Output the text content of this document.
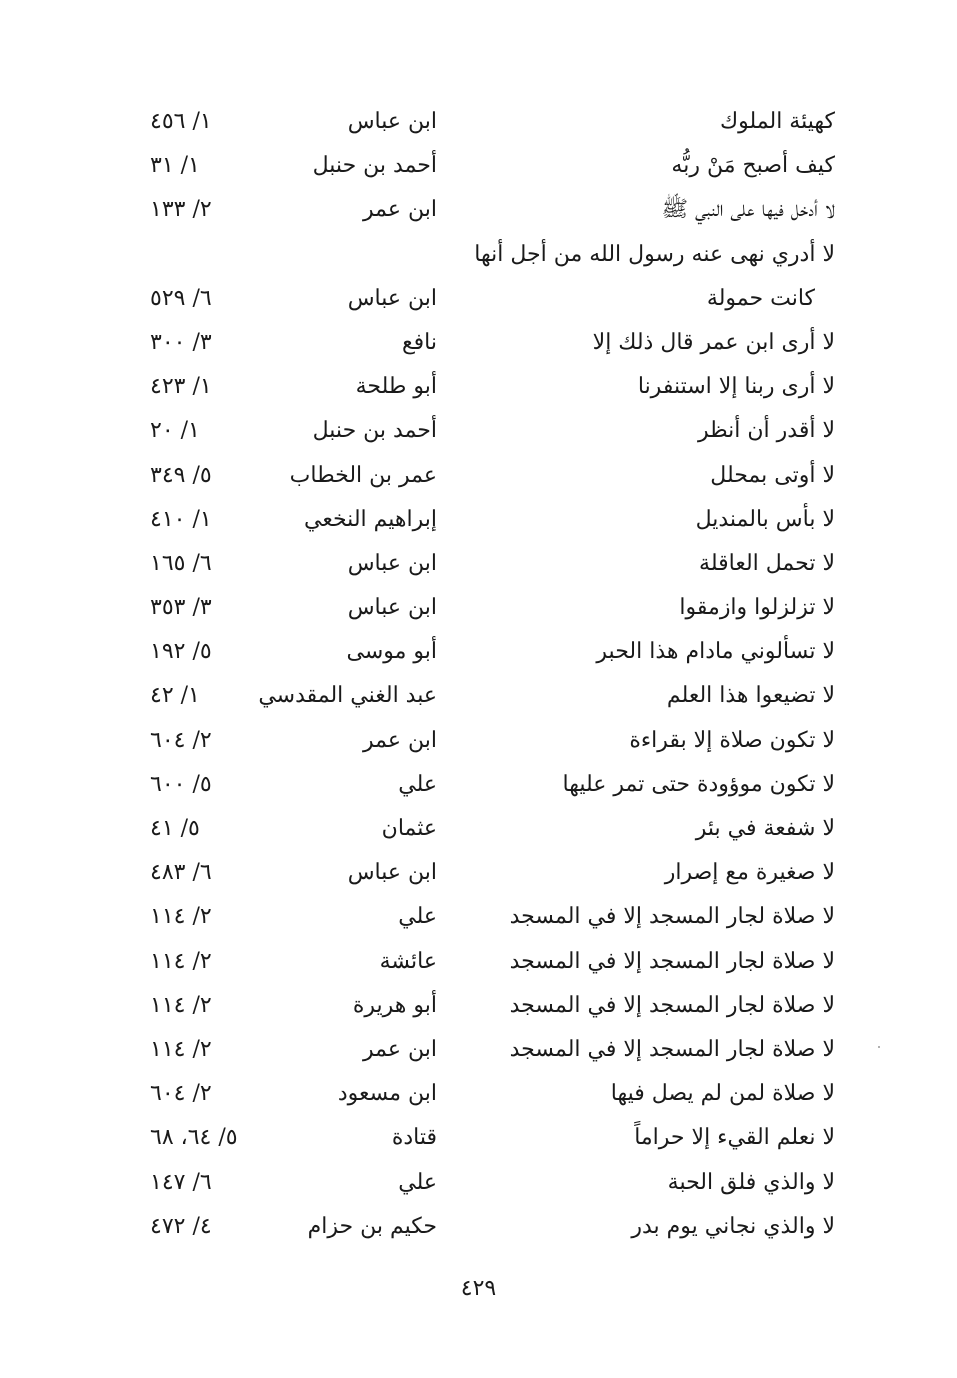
كهيئة الملوك
ابن عباس
١/ ٤٥٦
كيف أصبح مَنْ ربُّه
أحمد بن حنبل
١/ ٣١
لا أدخل فيها على النبي ﷺ
ابن عمر
٢/ ١٣٣
لا أدري نهى عنه رسول الله من أجل أنها
كانت حمولة
ابن عباس
٦/ ٥٢٩
لا أرى ابن عمر قال ذلك إلا
نافع
٣/ ٣٠٠
لا أرى ربنا إلا استنفرنا
أبو طلحة
١/ ٤٢٣
لا أقدر أن أنظر
أحمد بن حنبل
١/ ٢٠
لا أوتى بمحلل
عمر بن الخطاب
٥/ ٣٤٩
لا بأس بالمنديل
إبراهيم النخعي
١/ ٤١٠
لا تحمل العاقلة
ابن عباس
٦/ ١٦٥
لا تزلزلوا وازمقوا
ابن عباس
٣/ ٣٥٣
لا تسألوني مادام هذا الحبر
أبو موسى
٥/ ١٩٢
لا تضيعوا هذا العلم
عبد الغني المقدسي
١/ ٤٢
لا تكون صلاة إلا بقراءة
ابن عمر
٢/ ٦٠٤
لا تكون موؤودة حتى تمر عليها
علي
٥/ ٦٠٠
لا شفعة في بئر
عثمان
٥/ ٤١
لا صغيرة مع إصرار
ابن عباس
٦/ ٤٨٣
لا صلاة لجار المسجد إلا في المسجد
علي
٢/ ١١٤
لا صلاة لجار المسجد إلا في المسجد
عائشة
٢/ ١١٤
لا صلاة لجار المسجد إلا في المسجد
أبو هريرة
٢/ ١١٤
لا صلاة لجار المسجد إلا في المسجد
ابن عمر
٢/ ١١٤
لا صلاة لمن لم يصل فيها
ابن مسعود
٢/ ٦٠٤
لا نعلم القيء إلا حراماً
قتادة
٥/ ٦٤، ٦٨
لا والذي فلق الحبة
علي
٦/ ١٤٧
لا والذي نجاني يوم بدر
حكيم بن حزام
٤/ ٤٧٢
٤٢٩
